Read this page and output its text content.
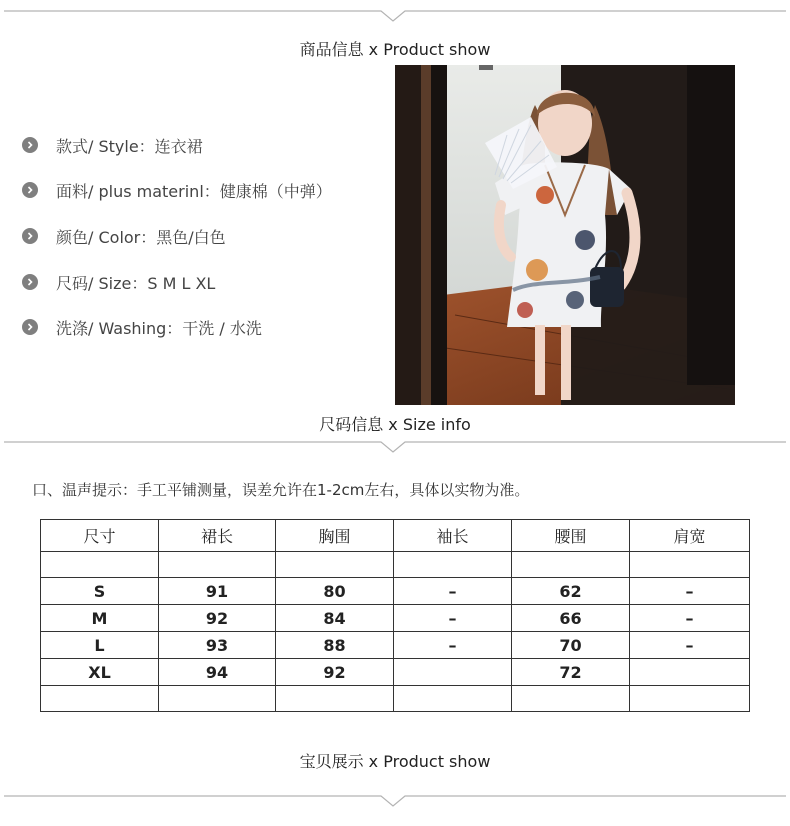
商品信息 x Product show
款式/ Style：连衣裙
面料/ plus materinl：健康棉（中弹）
颜色/ Color：黑色/白色
尺码/ Size：S M L XL
洗涤/ Washing：干洗 / 水洗
尺码信息 x Size info
口、温声提示：手工平铺测量，误差允许在1-2cm左右，具体以实物为准。
尺寸	裙长	胸围	袖长	腰围	肩宽

S	91	80	–	62	–
M	92	84	–	66	–
L	93	88	–	70	–
XL	94	92		72	

宝贝展示 x Product show
